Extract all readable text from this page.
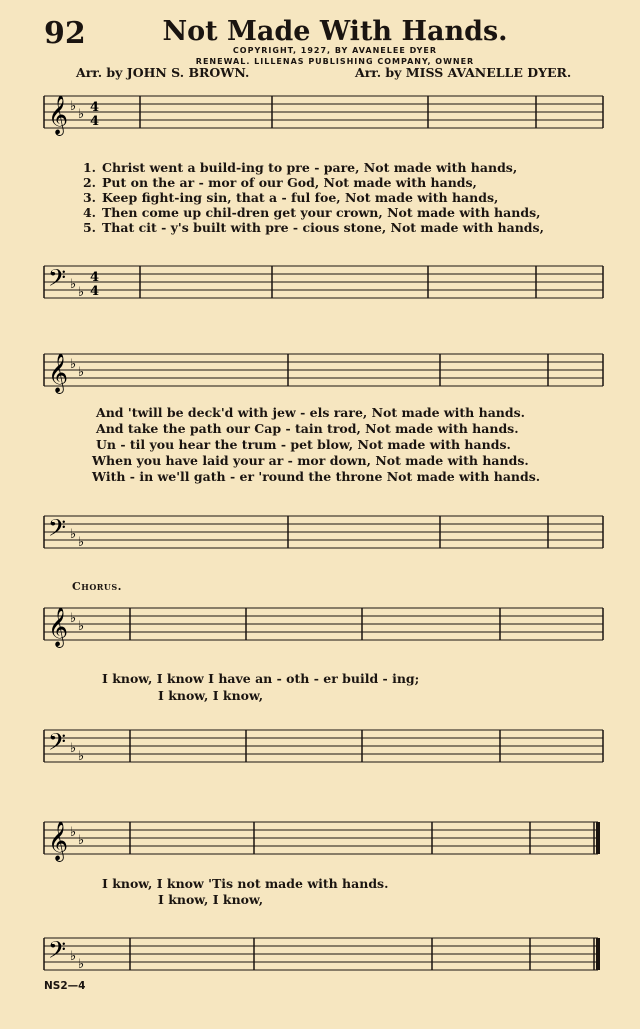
92	Not Made With Hands.
COPYRIGHT, 1927, BY AVANELEE DYER
RENEWAL. LILLENAS PUBLISHING COMPANY, OWNER
Arr. by JOHN S. BROWN.	Arr. by MISS AVANELLE DYER.
𝄞 ♭
♭ 4
4
𝄢 ♭
♭
4
4
𝄞 ♭
♭
𝄢 ♭
♭
𝄞 ♭
♭
𝄢 ♭
♭
𝄞 ♭
♭
𝄢 ♭
♭
1. Christ went a build-ing to pre - pare, Not made with hands,
2. Put on the ar - mor of our God, Not made with hands,
3. Keep fight-ing sin, that a - ful foe, Not made with hands,
4. Then come up chil-dren get your crown, Not made with hands,
5. That cit - y's built with pre - cious stone, Not made with hands,
And 'twill be deck'd with jew - els rare, Not made with hands.
And take the path our Cap - tain trod, Not made with hands.
Un - til you hear the trum - pet blow, Not made with hands.
When you have laid your ar - mor down, Not made with hands.
With - in we'll gath - er 'round the throne Not made with hands.
Chorus.
I know, I know I have an - oth - er build - ing;
I know, I know,
I know, I know 'Tis not made with hands.
I know, I know,
NS2—4
